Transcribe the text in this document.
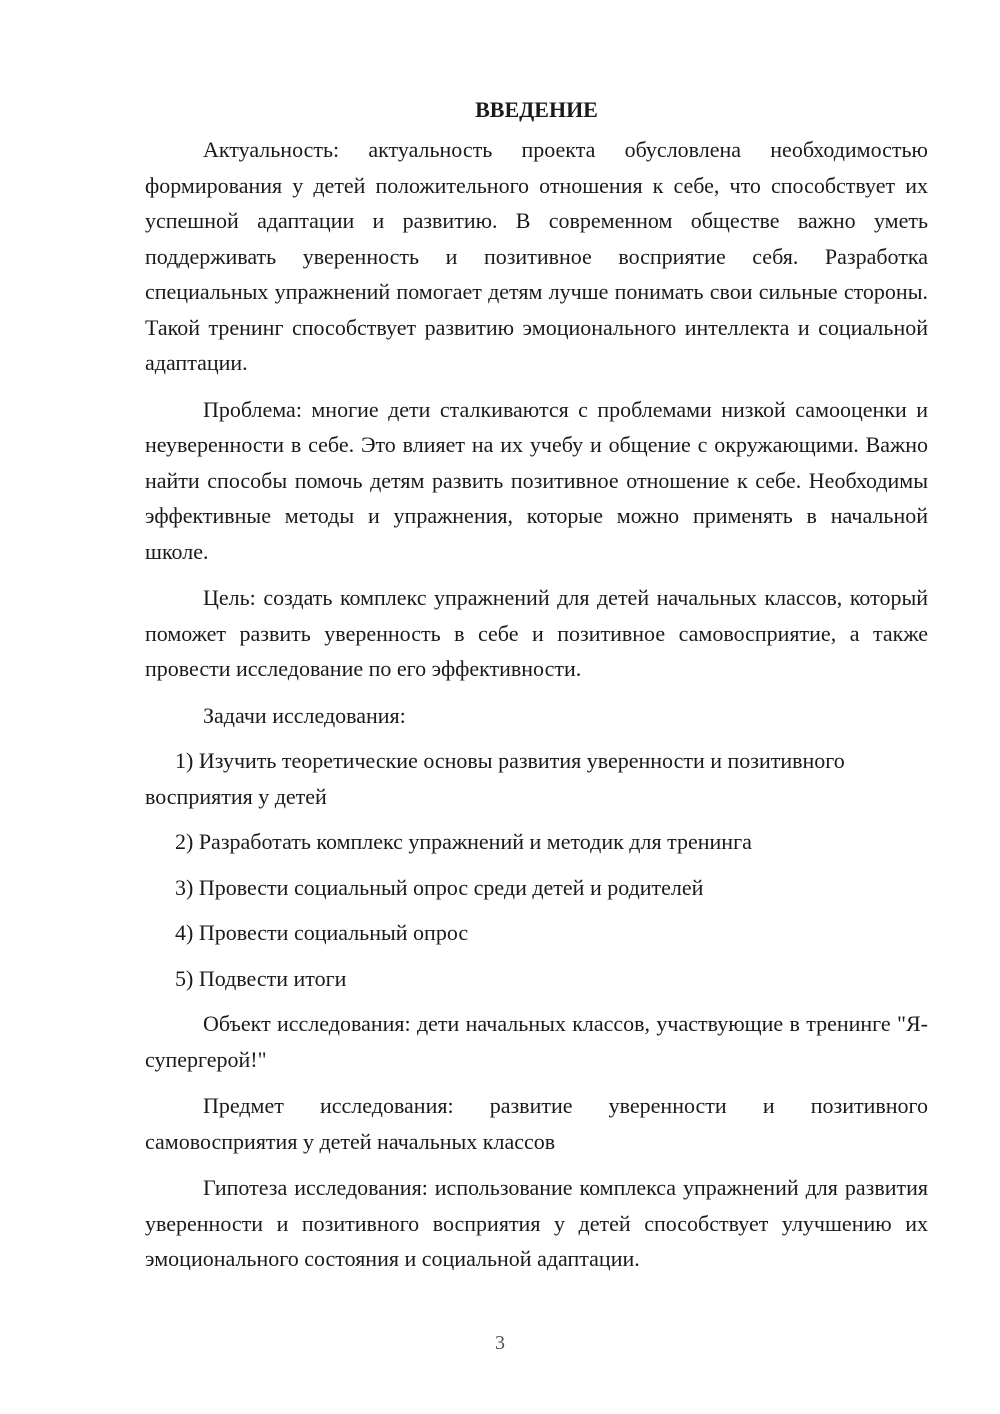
ВВЕДЕНИЕ

Актуальность: актуальность проекта обусловлена необходимостью формирования у детей положительного отношения к себе, что способствует их успешной адаптации и развитию. В современном обществе важно уметь поддерживать уверенность и позитивное восприятие себя. Разработка специальных упражнений помогает детям лучше понимать свои сильные стороны. Такой тренинг способствует развитию эмоционального интеллекта и социальной адаптации.

Проблема: многие дети сталкиваются с проблемами низкой самооценки и неуверенности в себе. Это влияет на их учебу и общение с окружающими. Важно найти способы помочь детям развить позитивное отношение к себе. Необходимы эффективные методы и упражнения, которые можно применять в начальной школе.

Цель: создать комплекс упражнений для детей начальных классов, который поможет развить уверенность в себе и позитивное самовосприятие, а также провести исследование по его эффективности.

Задачи исследования:

1) Изучить теоретические основы развития уверенности и позитивного восприятия у детей

2) Разработать комплекс упражнений и методик для тренинга

3) Провести социальный опрос среди детей и родителей

4) Провести социальный опрос

5) Подвести итоги

Объект исследования: дети начальных классов, участвующие в тренинге "Я-супергерой!"

Предмет исследования: развитие уверенности и позитивного самовосприятия у детей начальных классов

Гипотеза исследования: использование комплекса упражнений для развития уверенности и позитивного восприятия у детей способствует улучшению их эмоционального состояния и социальной адаптации.

3
